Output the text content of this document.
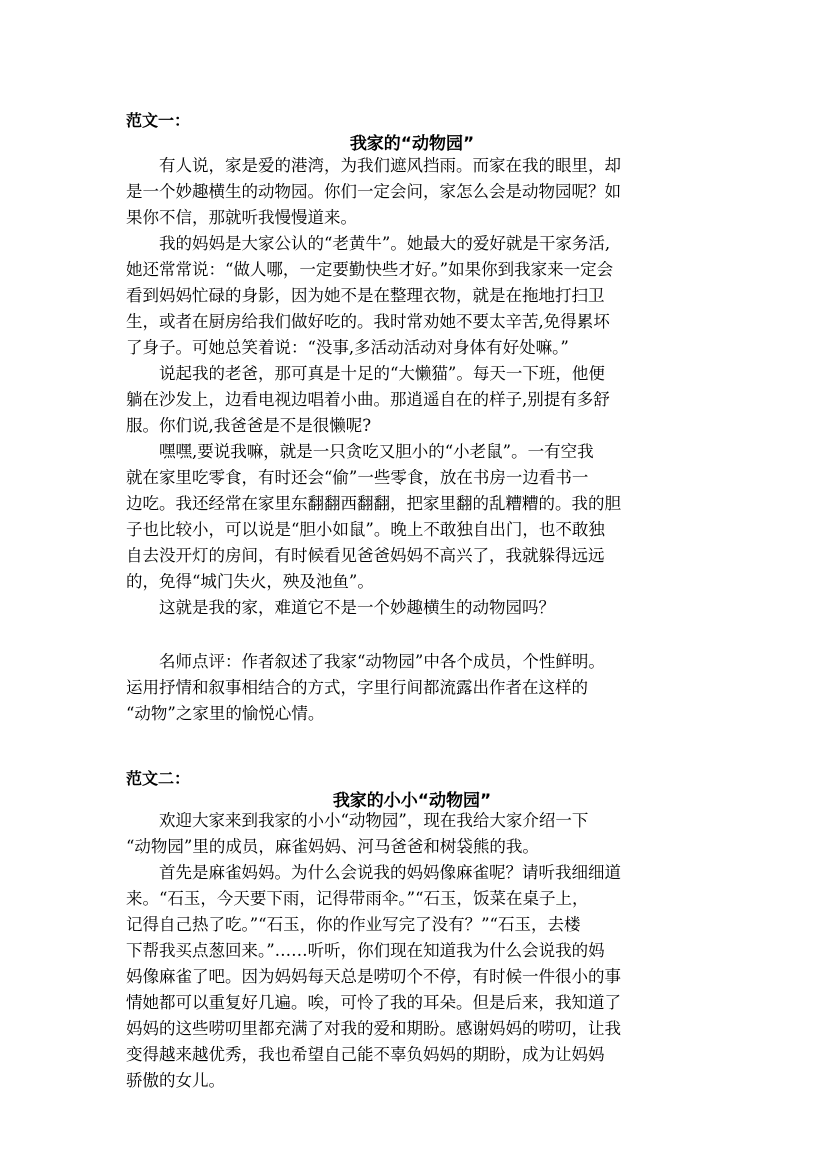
范文一：
我家的“动物园”
　　有人说，家是爱的港湾，为我们遮风挡雨。而家在我的眼里，却
是一个妙趣横生的动物园。你们一定会问，家怎么会是动物园呢？如
果你不信，那就听我慢慢道来。
　　我的妈妈是大家公认的“老黄牛”。她最大的爱好就是干家务活,
她还常常说：“做人哪，一定要勤快些才好。”如果你到我家来一定会
看到妈妈忙碌的身影，因为她不是在整理衣物，就是在拖地打扫卫
生，或者在厨房给我们做好吃的。我时常劝她不要太辛苦,免得累坏
了身子。可她总笑着说：“没事,多活动活动对身体有好处嘛。”
　　说起我的老爸，那可真是十足的“大懒猫”。每天一下班，他便
躺在沙发上，边看电视边唱着小曲。那逍遥自在的样子,别提有多舒
服。你们说,我爸爸是不是很懒呢?
　　嘿嘿,要说我嘛，就是一只贪吃又胆小的“小老鼠”。一有空我
就在家里吃零食，有时还会“偷”一些零食，放在书房一边看书一
边吃。我还经常在家里东翻翻西翻翻，把家里翻的乱糟糟的。我的胆
子也比较小，可以说是“胆小如鼠”。晚上不敢独自出门，也不敢独
自去没开灯的房间，有时候看见爸爸妈妈不高兴了，我就躲得远远
的，免得“城门失火，殃及池鱼”。
　　这就是我的家，难道它不是一个妙趣横生的动物园吗？
　　名师点评：作者叙述了我家“动物园”中各个成员，个性鲜明。
运用抒情和叙事相结合的方式，字里行间都流露出作者在这样的
“动物”之家里的愉悦心情。
范文二：
我家的小小“动物园”
　　欢迎大家来到我家的小小“动物园”，现在我给大家介绍一下
“动物园”里的成员，麻雀妈妈、河马爸爸和树袋熊的我。
　　首先是麻雀妈妈。为什么会说我的妈妈像麻雀呢？请听我细细道
来。“石玉，今天要下雨，记得带雨伞。”“石玉，饭菜在桌子上，
记得自己热了吃。”“石玉，你的作业写完了没有？”“石玉，去楼
下帮我买点葱回来。”……听听，你们现在知道我为什么会说我的妈
妈像麻雀了吧。因为妈妈每天总是唠叨个不停，有时候一件很小的事
情她都可以重复好几遍。唉，可怜了我的耳朵。但是后来，我知道了
妈妈的这些唠叨里都充满了对我的爱和期盼。感谢妈妈的唠叨，让我
变得越来越优秀，我也希望自己能不辜负妈妈的期盼，成为让妈妈
骄傲的女儿。
